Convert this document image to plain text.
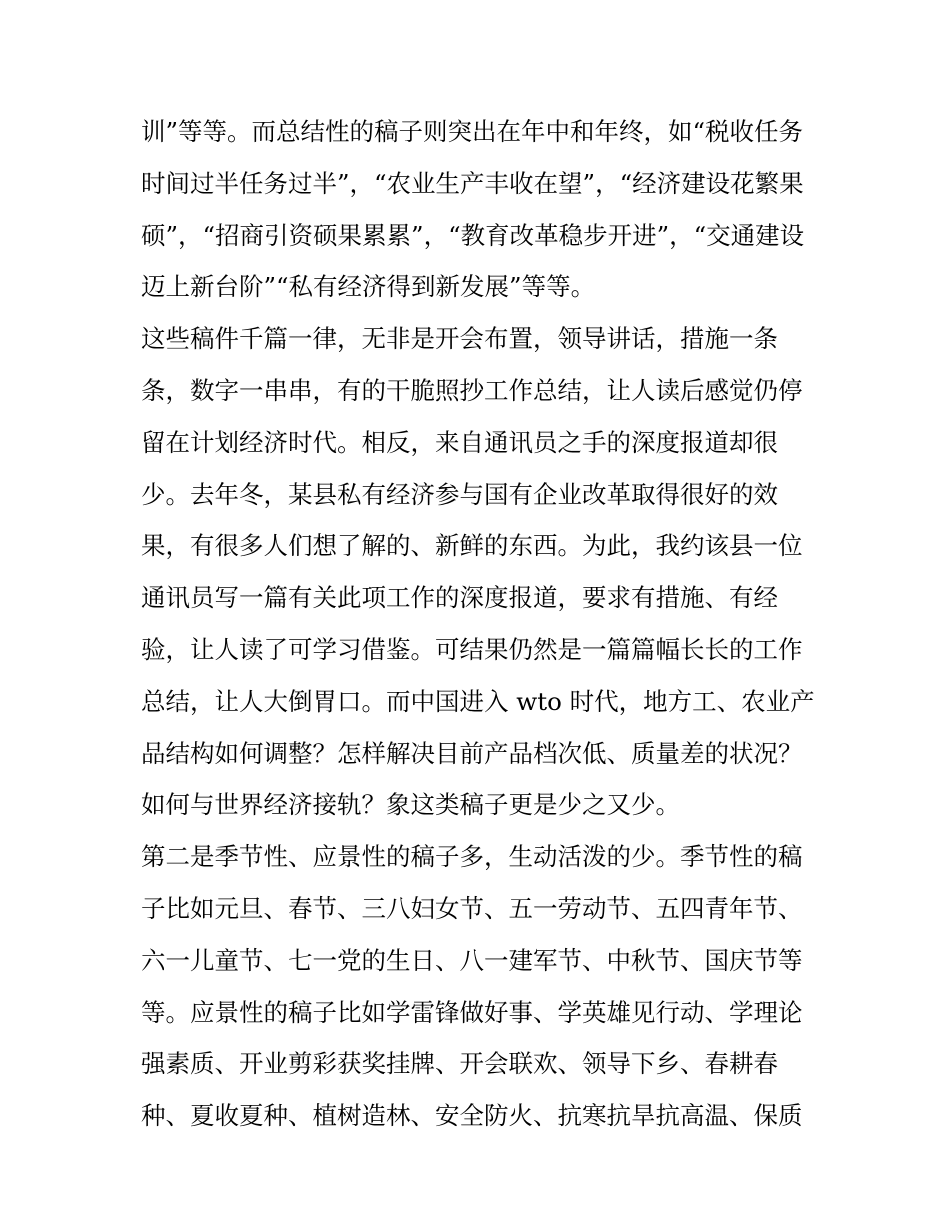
训”等等。而总结性的稿子则突出在年中和年终，如“税收任务
时间过半任务过半”，“农业生产丰收在望”，“经济建设花繁果
硕”，“招商引资硕果累累”，“教育改革稳步开进”，“交通建设
迈上新台阶”“私有经济得到新发展”等等。
这些稿件千篇一律，无非是开会布置，领导讲话，措施一条
条，数字一串串，有的干脆照抄工作总结，让人读后感觉仍停
留在计划经济时代。相反，来自通讯员之手的深度报道却很
少。去年冬，某县私有经济参与国有企业改革取得很好的效
果，有很多人们想了解的、新鲜的东西。为此，我约该县一位
通讯员写一篇有关此项工作的深度报道，要求有措施、有经
验，让人读了可学习借鉴。可结果仍然是一篇篇幅长长的工作
总结，让人大倒胃口。而中国进入 wto 时代，地方工、农业产
品结构如何调整？怎样解决目前产品档次低、质量差的状况？
如何与世界经济接轨？象这类稿子更是少之又少。
第二是季节性、应景性的稿子多，生动活泼的少。季节性的稿
子比如元旦、春节、三八妇女节、五一劳动节、五四青年节、
六一儿童节、七一党的生日、八一建军节、中秋节、国庆节等
等。应景性的稿子比如学雷锋做好事、学英雄见行动、学理论
强素质、开业剪彩获奖挂牌、开会联欢、领导下乡、春耕春
种、夏收夏种、植树造林、安全防火、抗寒抗旱抗高温、保质
